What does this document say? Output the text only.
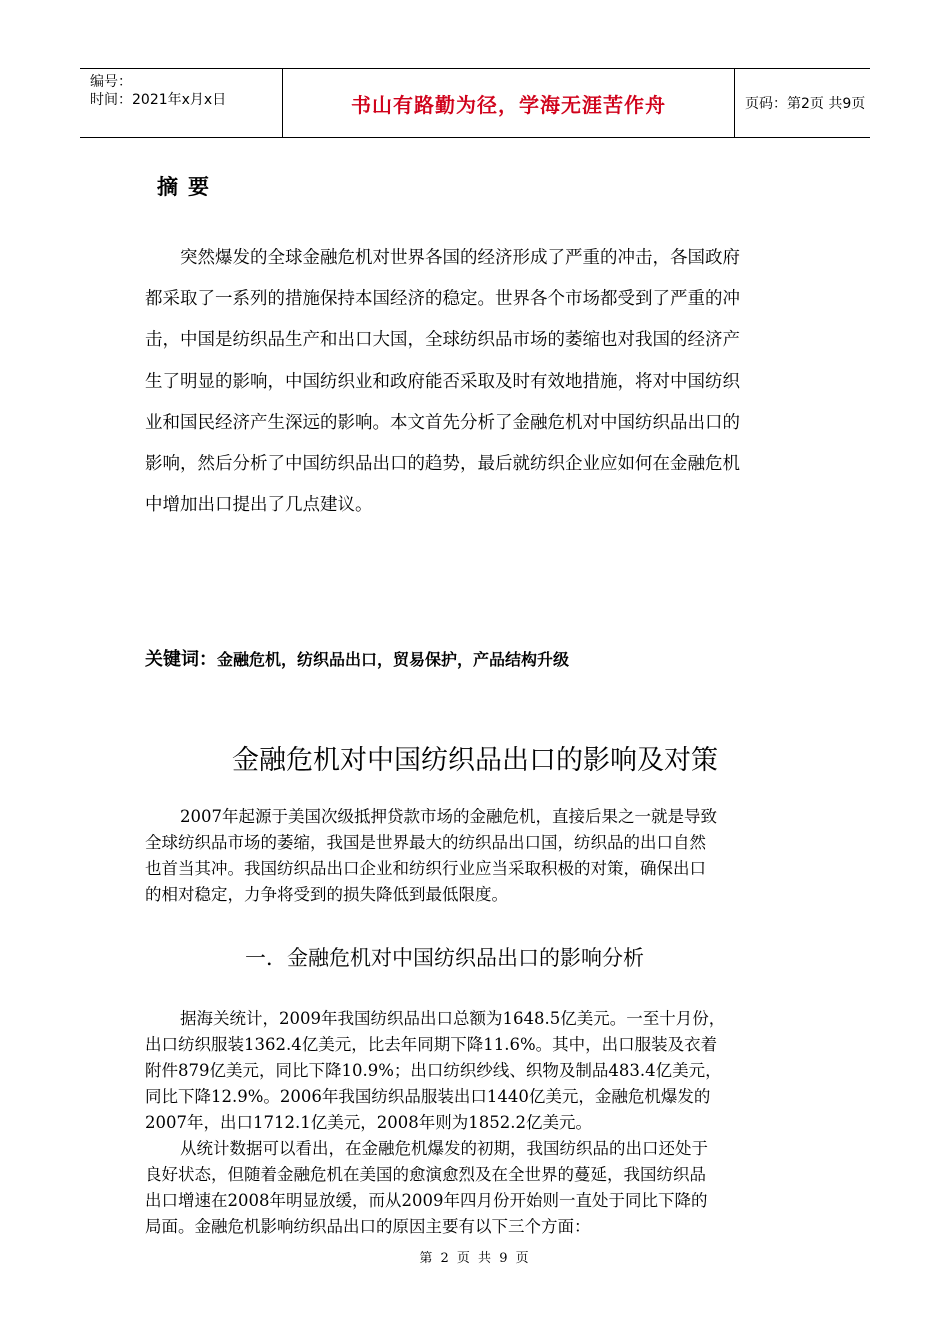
编号：
时间：2021年x月x日	书山有路勤为径，学海无涯苦作舟	页码：第2页 共9页
摘要
突然爆发的全球金融危机对世界各国的经济形成了严重的冲击，各国政府
都采取了一系列的措施保持本国经济的稳定。世界各个市场都受到了严重的冲
击，中国是纺织品生产和出口大国，全球纺织品市场的萎缩也对我国的经济产
生了明显的影响，中国纺织业和政府能否采取及时有效地措施，将对中国纺织
业和国民经济产生深远的影响。本文首先分析了金融危机对中国纺织品出口的
影响，然后分析了中国纺织品出口的趋势，最后就纺织企业应如何在金融危机
中增加出口提出了几点建议。
关键词：金融危机，纺织品出口，贸易保护，产品结构升级
金融危机对中国纺织品出口的影响及对策
2007年起源于美国次级抵押贷款市场的金融危机，直接后果之一就是导致
全球纺织品市场的萎缩，我国是世界最大的纺织品出口国，纺织品的出口自然
也首当其冲。我国纺织品出口企业和纺织行业应当采取积极的对策，确保出口
的相对稳定，力争将受到的损失降低到最低限度。
一．金融危机对中国纺织品出口的影响分析
据海关统计，2009年我国纺织品出口总额为1648.5亿美元。一至十月份，
出口纺织服装1362.4亿美元，比去年同期下降11.6%。其中，出口服装及衣着
附件879亿美元，同比下降10.9%；出口纺织纱线、织物及制品483.4亿美元，
同比下降12.9%。2006年我国纺织品服装出口1440亿美元，金融危机爆发的
2007年，出口1712.1亿美元，2008年则为1852.2亿美元。
从统计数据可以看出，在金融危机爆发的初期，我国纺织品的出口还处于
良好状态，但随着金融危机在美国的愈演愈烈及在全世界的蔓延，我国纺织品
出口增速在2008年明显放缓，而从2009年四月份开始则一直处于同比下降的
局面。金融危机影响纺织品出口的原因主要有以下三个方面：
第 2 页 共 9 页
